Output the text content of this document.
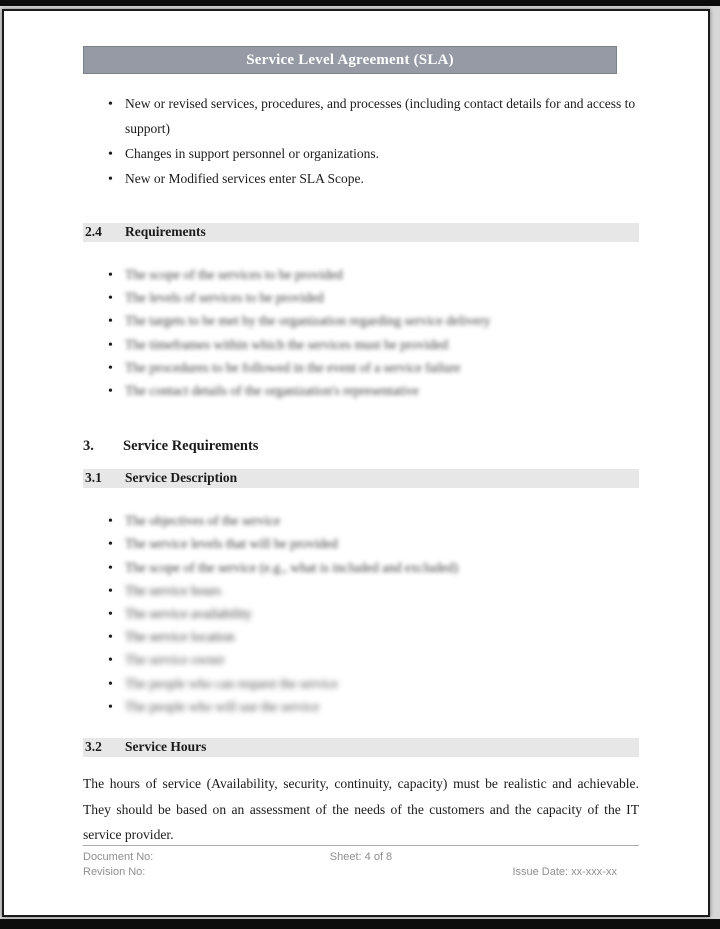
Service Level Agreement (SLA)
•
New or revised services, procedures, and processes (including contact details for and access to support)
•
Changes in support personnel or organizations.
•
New or Modified services enter SLA Scope.
2.4 Requirements
•
The scope of the services to be provided
•
The levels of services to be provided
•
The targets to be met by the organization regarding service delivery
•
The timeframes within which the services must be provided
•
The procedures to be followed in the event of a service failure
•
The contact details of the organization's representative
3. Service Requirements
3.1 Service Description
•
The objectives of the service
•
The service levels that will be provided
•
The scope of the service (e.g., what is included and excluded)
•
The service hours
•
The service availability
•
The service location
•
The service owner
•
The people who can request the service
•
The people who will use the service
3.2 Service Hours

The hours of service (Availability, security, continuity, capacity) must be realistic and achievable. They should be based on an assessment of the needs of the customers and the capacity of the IT service provider.

Document No:	Sheet: 4 of 8
Revision No:	Issue Date: xx-xxx-xx
